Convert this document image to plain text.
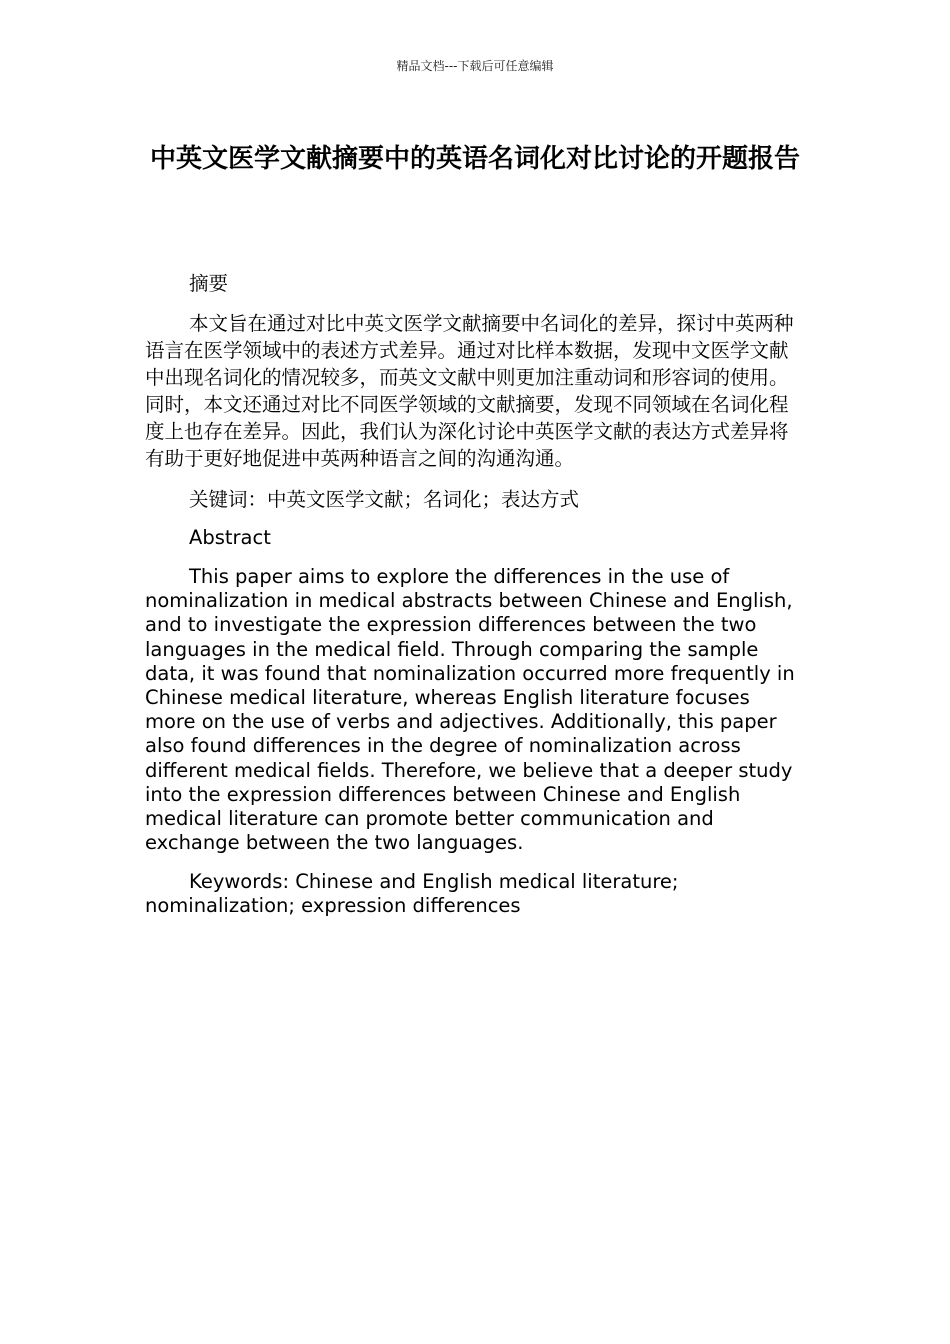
精品文档---下载后可任意编辑
中英文医学文献摘要中的英语名词化对比讨论的开题报告

摘要

本文旨在通过对比中英文医学文献摘要中名词化的差异，探讨中英两种语言在医学领域中的表述方式差异。通过对比样本数据，发现中文医学文献中出现名词化的情况较多，而英文文献中则更加注重动词和形容词的使用。同时，本文还通过对比不同医学领域的文献摘要，发现不同领域在名词化程度上也存在差异。因此，我们认为深化讨论中英医学文献的表达方式差异将有助于更好地促进中英两种语言之间的沟通沟通。

关键词：中英文医学文献；名词化；表达方式

Abstract

This paper aims to explore the differences in the use of nominalization in medical abstracts between Chinese and English, and to investigate the expression differences between the two languages in the medical field. Through comparing the sample data, it was found that nominalization occurred more frequently in Chinese medical literature, whereas English literature focuses more on the use of verbs and adjectives. Additionally, this paper also found differences in the degree of nominalization across different medical fields. Therefore, we believe that a deeper study into the expression differences between Chinese and English medical literature can promote better communication and exchange between the two languages.

Keywords: Chinese and English medical literature; nominalization; expression differences
